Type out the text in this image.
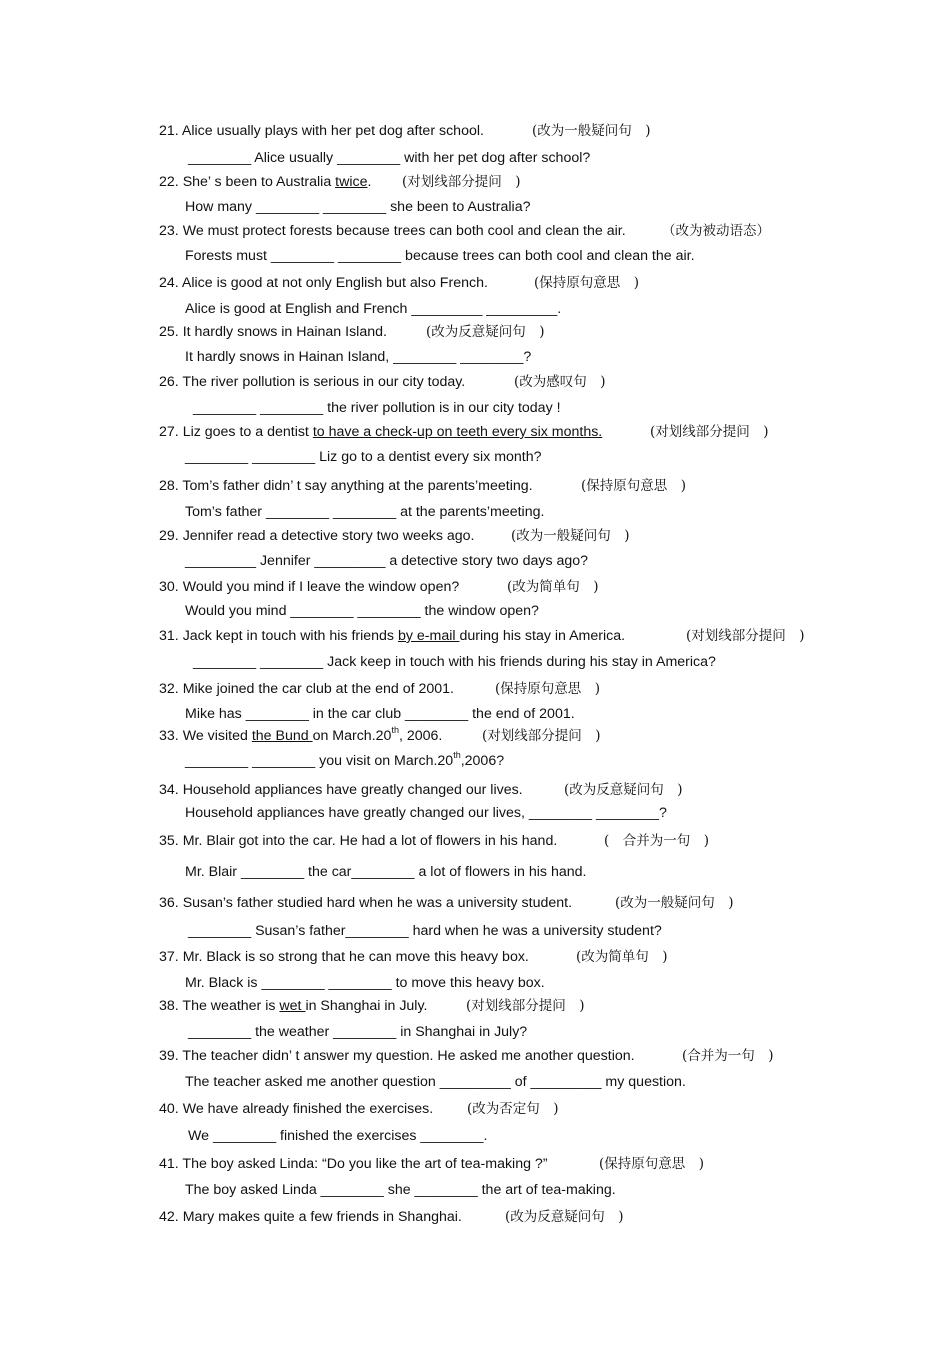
21. Alice usually plays with her pet dog after school.	(改为一般疑问句　)
________ Alice usually ________ with her pet dog after school?
22. She’ s been to Australia twice. (对划线部分提问　)
How many ________ ________ she been to Australia?
23. We must protect forests because trees can both cool and clean the air.	（改为被动语态）
Forests must ________ ________ because trees can both cool and clean the air.
24. Alice is good at not only English but also French.	(保持原句意思　)
Alice is good at English and French _________ _________.
25. It hardly snows in Hainan Island.	(改为反意疑问句　)
It hardly snows in Hainan Island, ________ ________?
26. The river pollution is serious in our city today.	(改为感叹句　)
________ ________ the river pollution is in our city today !
27. Liz goes to a dentist to have a check-up on teeth every six months.	(对划线部分提问　)
________ ________ Liz go to a dentist every six month?
28. Tom’s father didn’ t say anything at the parents’meeting.	(保持原句意思　)
Tom’s father ________ ________ at the parents’meeting.
29. Jennifer read a detective story two weeks ago.	(改为一般疑问句　)
_________ Jennifer _________ a detective story two days ago?
30. Would you mind if I leave the window open?	(改为简单句　)
Would you mind ________ ________ the window open?
31. Jack kept in touch with his friends by e-mail during his stay in America.	(对划线部分提问　)
________ ________ Jack keep in touch with his friends during his stay in America?
32. Mike joined the car club at the end of 2001.	(保持原句意思　)
Mike has ________ in the car club ________ the end of 2001.
33. We visited the Bund on March.20th, 2006.	(对划线部分提问　)
________ ________ you visit on March.20th,2006?
34. Household appliances have greatly changed our lives.	(改为反意疑问句　)
Household appliances have greatly changed our lives, ________ ________?
35. Mr. Blair got into the car. He had a lot of flowers in his hand.	(　合并为一句　)
Mr. Blair ________ the car________ a lot of flowers in his hand.
36. Susan’s father studied hard when he was a university student.	(改为一般疑问句　)
________ Susan’s father________ hard when he was a university student?
37. Mr. Black is so strong that he can move this heavy box.	(改为简单句　)
Mr. Black is ________ ________ to move this heavy box.
38. The weather is wet in Shanghai in July.	(对划线部分提问　)
________ the weather ________ in Shanghai in July?
39. The teacher didn’ t answer my question. He asked me another question.	(合并为一句　)
The teacher asked me another question _________ of _________ my question.
40. We have already finished the exercises.	(改为否定句　)
We ________ finished the exercises ________.
41. The boy asked Linda: “Do you like the art of tea-making ?”	(保持原句意思　)
The boy asked Linda ________ she ________ the art of tea-making.
42. Mary makes quite a few friends in Shanghai.	(改为反意疑问句　)
